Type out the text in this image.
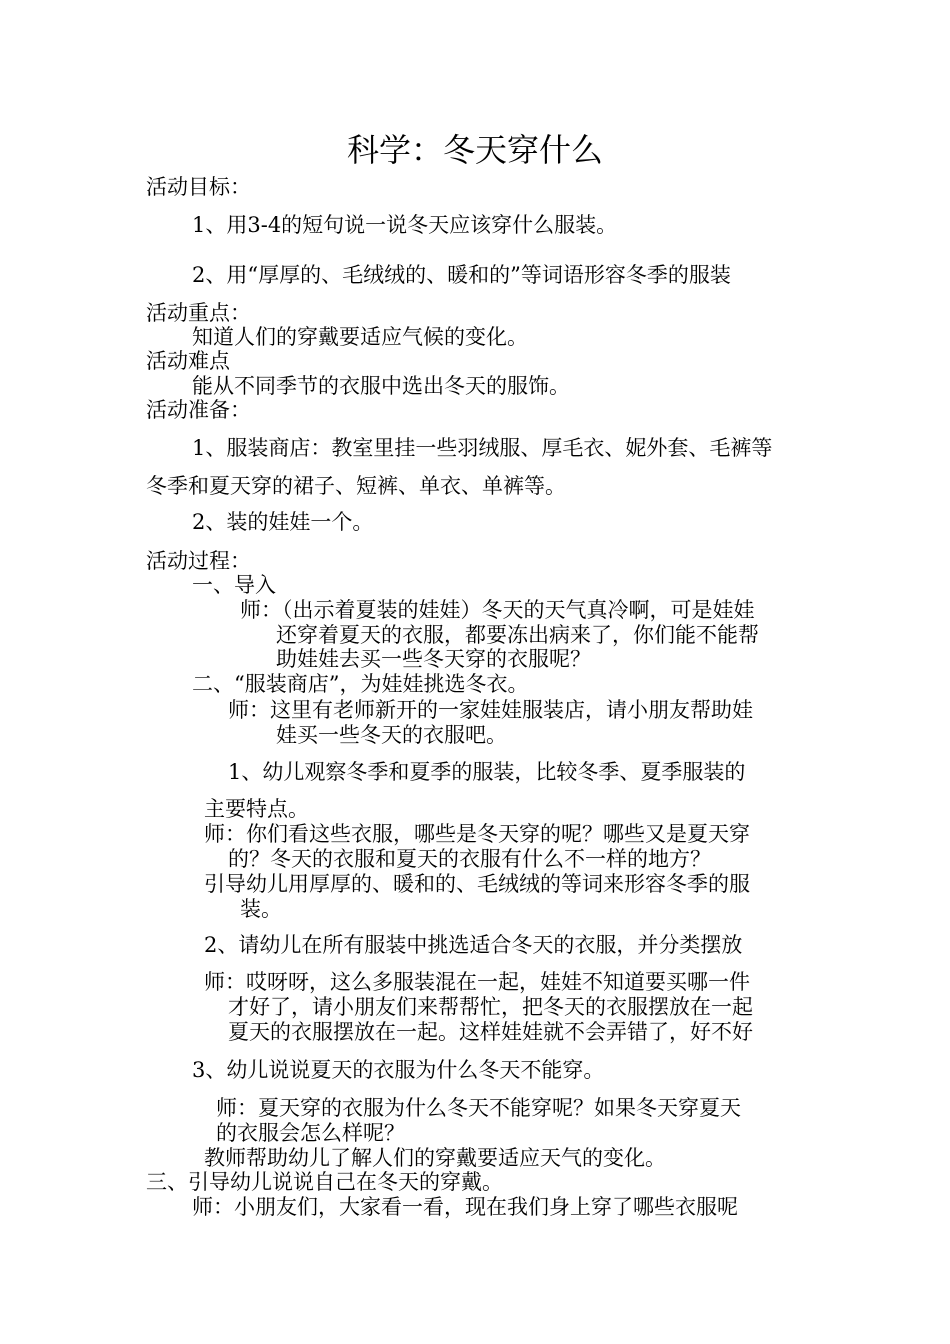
科学：冬天穿什么
活动目标：
1、用3-4的短句说一说冬天应该穿什么服装。
2、用“厚厚的、毛绒绒的、暖和的”等词语形容冬季的服装
活动重点：
知道人们的穿戴要适应气候的变化。
活动难点
能从不同季节的衣服中选出冬天的服饰。
活动准备：
1、服装商店：教室里挂一些羽绒服、厚毛衣、妮外套、毛裤等
冬季和夏天穿的裙子、短裤、单衣、单裤等。
2、装的娃娃一个。
活动过程：
一、导入
师：（出示着夏装的娃娃）冬天的天气真冷啊，可是娃娃
还穿着夏天的衣服，都要冻出病来了，你们能不能帮
助娃娃去买一些冬天穿的衣服呢？
二、“服装商店”，为娃娃挑选冬衣。
师：这里有老师新开的一家娃娃服装店，请小朋友帮助娃
娃买一些冬天的衣服吧。
1、幼儿观察冬季和夏季的服装，比较冬季、夏季服装的
主要特点。
师：你们看这些衣服，哪些是冬天穿的呢？哪些又是夏天穿
的？冬天的衣服和夏天的衣服有什么不一样的地方？
引导幼儿用厚厚的、暖和的、毛绒绒的等词来形容冬季的服
装。
2、请幼儿在所有服装中挑选适合冬天的衣服，并分类摆放
师：哎呀呀，这么多服装混在一起，娃娃不知道要买哪一件
才好了，请小朋友们来帮帮忙，把冬天的衣服摆放在一起
夏天的衣服摆放在一起。这样娃娃就不会弄错了，好不好
3、幼儿说说夏天的衣服为什么冬天不能穿。
师：夏天穿的衣服为什么冬天不能穿呢？如果冬天穿夏天
的衣服会怎么样呢？
教师帮助幼儿了解人们的穿戴要适应天气的变化。
三、引导幼儿说说自己在冬天的穿戴。
师：小朋友们，大家看一看，现在我们身上穿了哪些衣服呢
